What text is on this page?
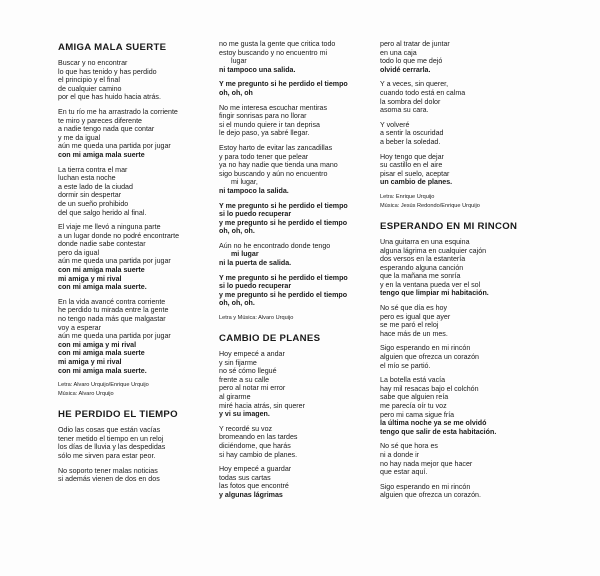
AMIGA MALA SUERTE
Buscar y no encontrar
lo que has tenido y has perdido
el principio y el final
de cualquier camino
por el que has huido hacia atrás.
En tu río me ha arrastrado la corriente
te miro y pareces diferente
a nadie tengo nada que contar
y me da igual
aún me queda una partida por jugar
con mi amiga mala suerte
La tierra contra el mar
luchan esta noche
a este lado de la ciudad
dormir sin despertar
de un sueño prohibido
del que salgo herido al final.
El viaje me llevó a ninguna parte
a un lugar donde no podré encontrarte
donde nadie sabe contestar
pero da igual
aún me queda una partida por jugar
con mi amiga mala suerte
mi amiga y mi rival
con mi amiga mala suerte.
En la vida avancé contra corriente
he perdido tu mirada entre la gente
no tengo nada más que malgastar
voy a esperar
aún me queda una partida por jugar
con mi amiga y mi rival
con mi amiga mala suerte
mi amiga y mi rival
con mi amiga mala suerte.
Letra: Alvaro Urquijo/Enrique Urquijo
Música: Alvaro Urquijo
HE PERDIDO EL TIEMPO
Odio las cosas que están vacías
tener metido el tiempo en un reloj
los días de lluvia y las despedidas
sólo me sirven para estar peor.
No soporto tener malas noticias
si además vienen de dos en dos
no me gusta la gente que critica todo
estoy buscando y no encuentro mi
lugar
ni tampoco una salida.
Y me pregunto si he perdido el tiempo
oh, oh, oh
No me interesa escuchar mentiras
fingir sonrisas para no llorar
si el mundo quiere ir tan deprisa
le dejo paso, ya sabré llegar.
Estoy harto de evitar las zancadillas
y para todo tener que pelear
ya no hay nadie que tienda una mano
sigo buscando y aún no encuentro
mi lugar,
ni tampoco la salida.
Y me pregunto si he perdido el tiempo
si lo puedo recuperar
y me pregunto si he perdido el tiempo
oh, oh, oh.
Aún no he encontrado donde tengo
mi lugar
ni la puerta de salida.
Y me pregunto si he perdido el tiempo
si lo puedo recuperar
y me pregunto si he perdido el tiempo
oh, oh, oh.
Letra y Música: Alvaro Urquijo
CAMBIO DE PLANES
Hoy empecé a andar
y sin fijarme
no sé cómo llegué
frente a su calle
pero al notar mi error
al girarme
miré hacia atrás, sin querer
y vi su imagen.
Y recordé su voz
bromeando en las tardes
diciéndome, que harás
si hay cambio de planes.
Hoy empecé a guardar
todas sus cartas
las fotos que encontré
y algunas lágrimas
pero al tratar de juntar
en una caja
todo lo que me dejó
olvidé cerrarla.
Y a veces, sin querer,
cuando todo está en calma
la sombra del dolor
asoma su cara.
Y volveré
a sentir la oscuridad
a beber la soledad.
Hoy tengo que dejar
su castillo en el aire
pisar el suelo, aceptar
un cambio de planes.
Letra: Enrique Urquijo
Música: Jesús Redondo/Enrique Urquijo
ESPERANDO EN MI RINCON
Una guitarra en una esquina
alguna lágrima en cualquier cajón
dos versos en la estantería
esperando alguna canción
que la mañana me sonría
y en la ventana pueda ver el sol
tengo que limpiar mi habitación.
No sé que día es hoy
pero es igual que ayer
se me paró el reloj
hace más de un mes.
Sigo esperando en mi rincón
alguien que ofrezca un corazón
el mío se partió.
La botella está vacía
hay mil resacas bajo el colchón
sabe que alguien reía
me parecía oír tu voz
pero mi cama sigue fría
la última noche ya se me olvidó
tengo que salir de esta habitación.
No sé que hora es
ni a donde ir
no hay nada mejor que hacer
que estar aquí.
Sigo esperando en mi rincón
alguien que ofrezca un corazón.
